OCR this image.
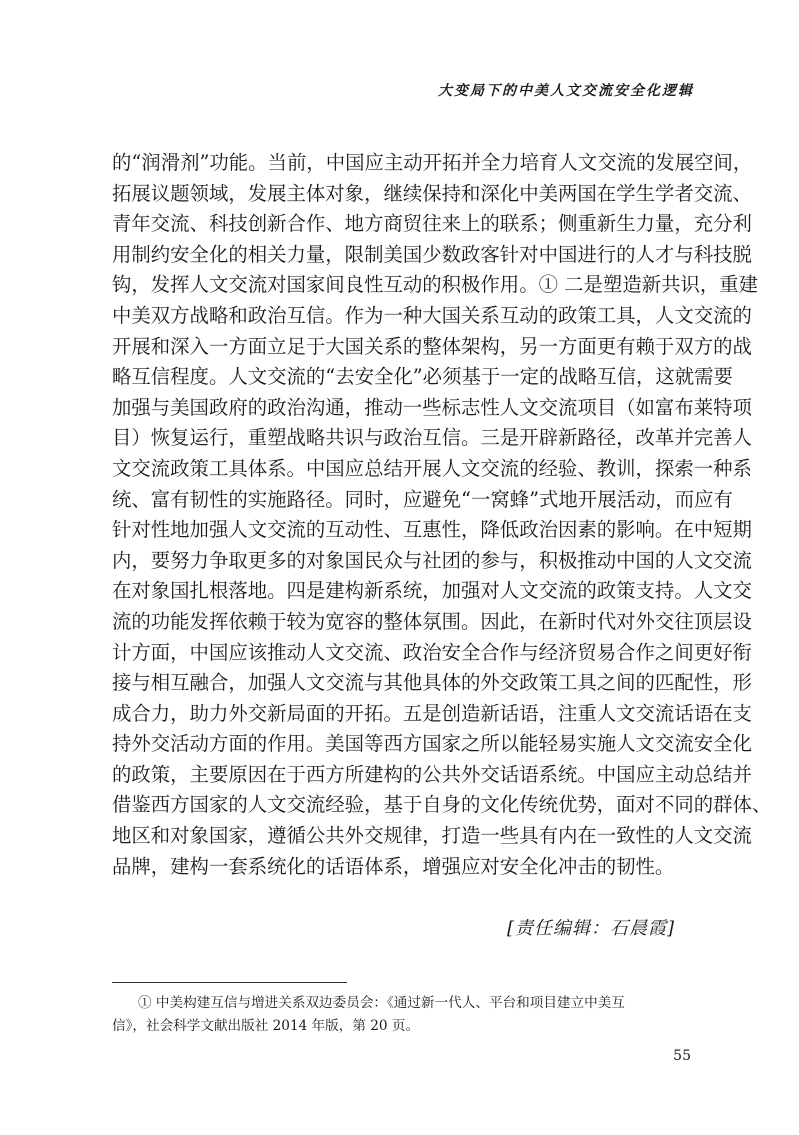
大变局下的中美人文交流安全化逻辑
的“润滑剂”功能。当前，中国应主动开拓并全力培育人文交流的发展空间，
拓展议题领域，发展主体对象，继续保持和深化中美两国在学生学者交流、
青年交流、科技创新合作、地方商贸往来上的联系；侧重新生力量，充分利
用制约安全化的相关力量，限制美国少数政客针对中国进行的人才与科技脱
钩，发挥人文交流对国家间良性互动的积极作用。① 二是塑造新共识，重建
中美双方战略和政治互信。作为一种大国关系互动的政策工具，人文交流的
开展和深入一方面立足于大国关系的整体架构，另一方面更有赖于双方的战
略互信程度。人文交流的“去安全化”必须基于一定的战略互信，这就需要
加强与美国政府的政治沟通，推动一些标志性人文交流项目（如富布莱特项
目）恢复运行，重塑战略共识与政治互信。三是开辟新路径，改革并完善人
文交流政策工具体系。中国应总结开展人文交流的经验、教训，探索一种系
统、富有韧性的实施路径。同时，应避免“一窝蜂”式地开展活动，而应有
针对性地加强人文交流的互动性、互惠性，降低政治因素的影响。在中短期
内，要努力争取更多的对象国民众与社团的参与，积极推动中国的人文交流
在对象国扎根落地。四是建构新系统，加强对人文交流的政策支持。人文交
流的功能发挥依赖于较为宽容的整体氛围。因此，在新时代对外交往顶层设
计方面，中国应该推动人文交流、政治安全合作与经济贸易合作之间更好衔
接与相互融合，加强人文交流与其他具体的外交政策工具之间的匹配性，形
成合力，助力外交新局面的开拓。五是创造新话语，注重人文交流话语在支
持外交活动方面的作用。美国等西方国家之所以能轻易实施人文交流安全化
的政策，主要原因在于西方所建构的公共外交话语系统。中国应主动总结并
借鉴西方国家的人文交流经验，基于自身的文化传统优势，面对不同的群体、
地区和对象国家，遵循公共外交规律，打造一些具有内在一致性的人文交流
品牌，建构一套系统化的话语体系，增强应对安全化冲击的韧性。
[责任编辑：石晨霞]
① 中美构建互信与增进关系双边委员会：《通过新一代人、平台和项目建立中美互
信》，社会科学文献出版社 2014 年版，第 20 页。
55
